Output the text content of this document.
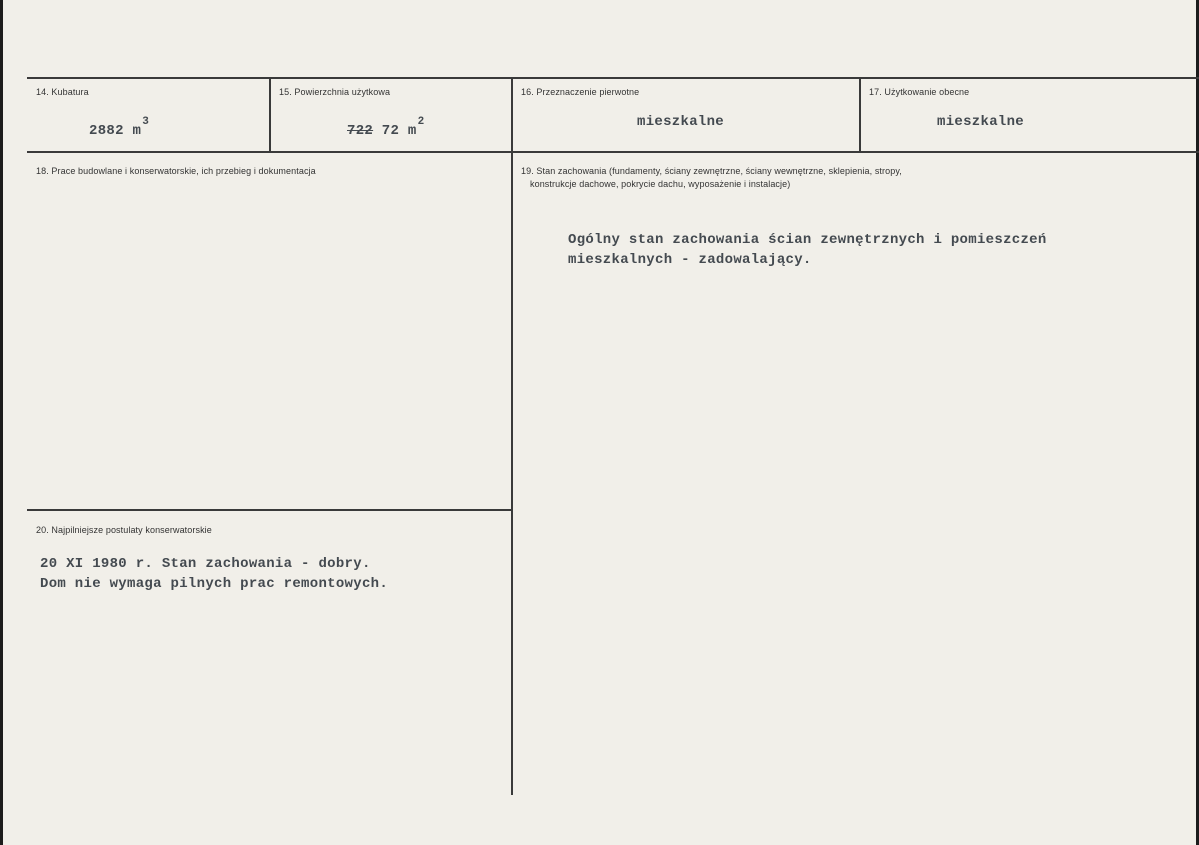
14. Kubatura
2882 $m^3$
15. Powierzchnia użytkowa
722 72 $m^2$
16. Przeznaczenie pierwotne
mieszkalne
17. Użytkowanie obecne
mieszkalne
18. Prace budowlane i konserwatorskie, ich przebieg i dokumentacja	19. Stan zachowania (fundamenty, ściany zewnętrzne, ściany wewnętrzne, sklepienia, stropy,
konstrukcje dachowe, pokrycie dachu, wyposażenie i instalacje)
Ogólny stan zachowania ścian zewnętrznych i pomieszczeń
mieszkalnych - zadowalający.
20. Najpilniejsze postulaty konserwatorskie
20 XI 1980 r. Stan zachowania - dobry.
Dom nie wymaga pilnych prac remontowych.
